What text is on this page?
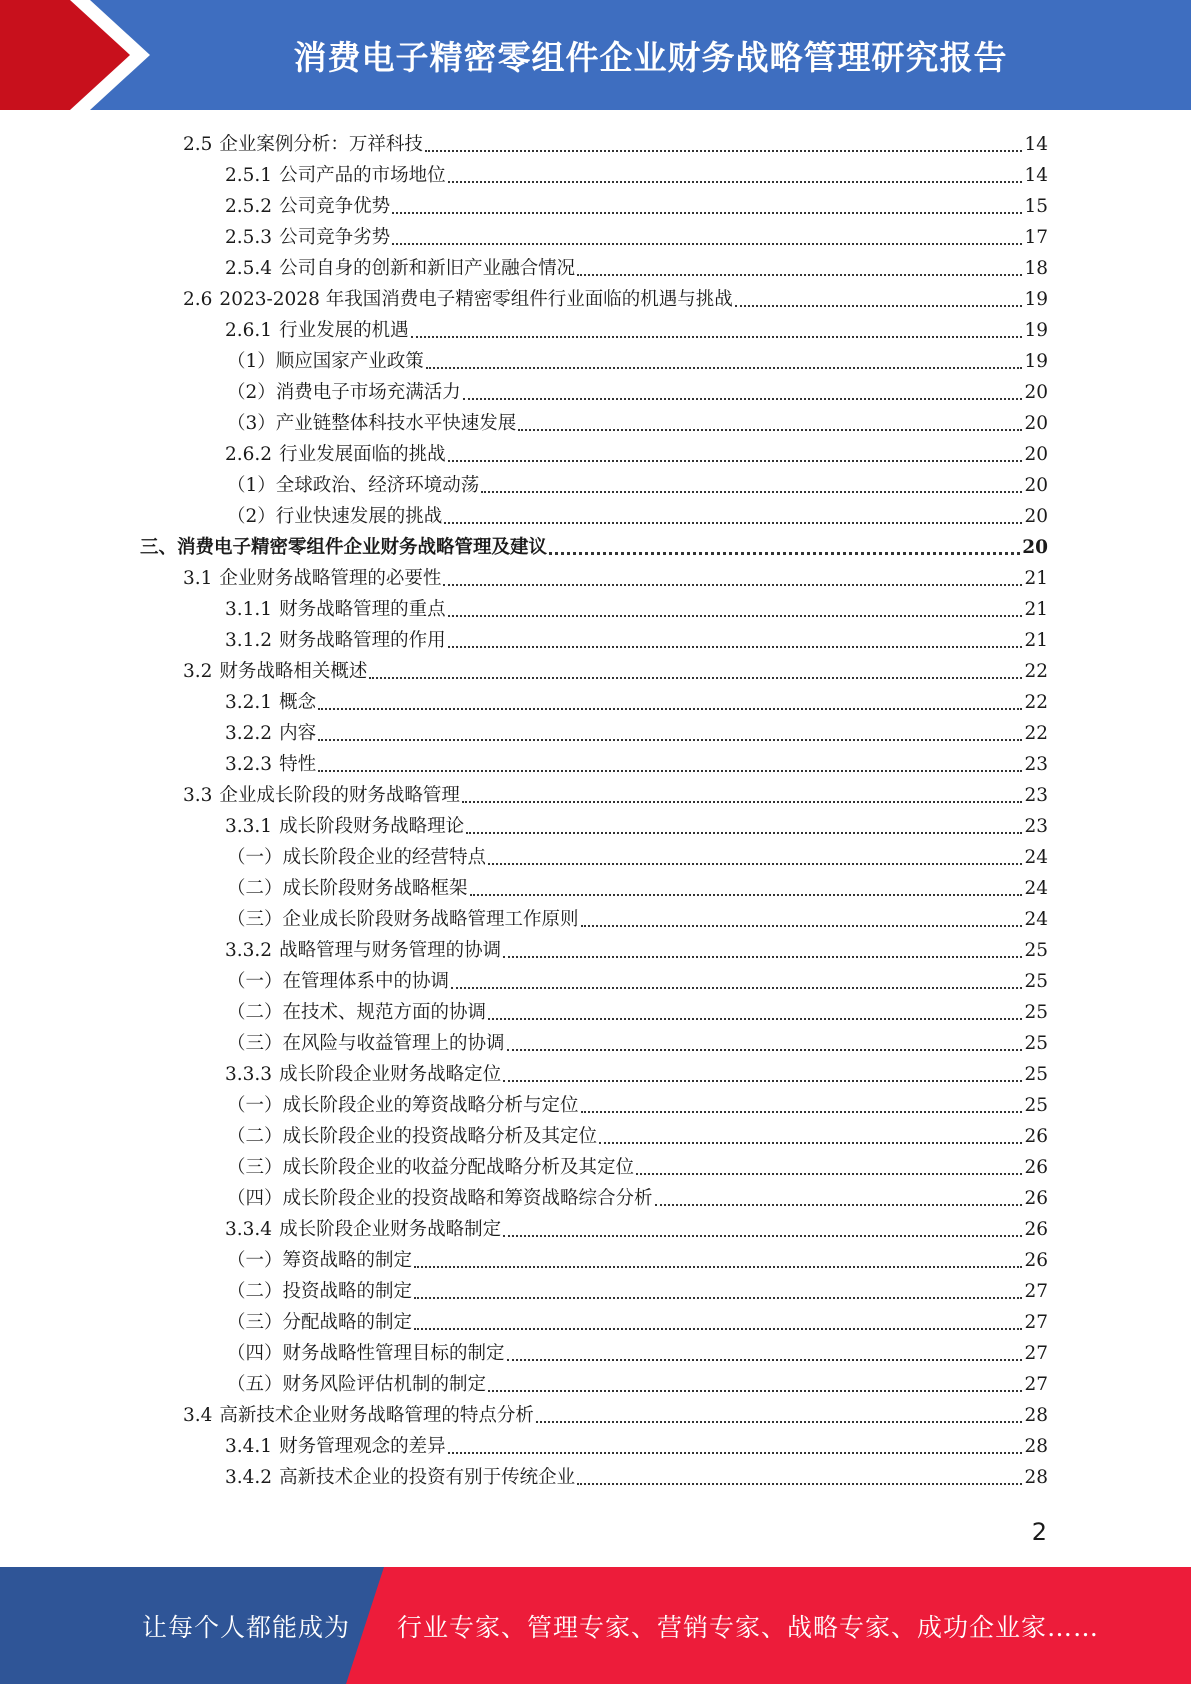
消费电子精密零组件企业财务战略管理研究报告
2.5 企业案例分析：万祥科技	14
2.5.1 公司产品的市场地位	14
2.5.2 公司竞争优势	15
2.5.3 公司竞争劣势	17
2.5.4 公司自身的创新和新旧产业融合情况	18
2.6 2023-2028 年我国消费电子精密零组件行业面临的机遇与挑战	19
2.6.1 行业发展的机遇	19
（1） 顺应国家产业政策	19
（2） 消费电子市场充满活力	20
（3） 产业链整体科技水平快速发展	20
2.6.2 行业发展面临的挑战	20
（1） 全球政治、经济环境动荡	20
（2） 行业快速发展的挑战	20
三、 消费电子精密零组件企业财务战略管理及建议	20
3.1 企业财务战略管理的必要性	21
3.1.1 财务战略管理的重点	21
3.1.2 财务战略管理的作用	21
3.2 财务战略相关概述	22
3.2.1 概念	22
3.2.2 内容	22
3.2.3 特性	23
3.3 企业成长阶段的财务战略管理	23
3.3.1 成长阶段财务战略理论	23
（一） 成长阶段企业的经营特点	24
（二） 成长阶段财务战略框架	24
（三） 企业成长阶段财务战略管理工作原则	24
3.3.2 战略管理与财务管理的协调	25
（一） 在管理体系中的协调	25
（二） 在技术、规范方面的协调	25
（三） 在风险与收益管理上的协调	25
3.3.3 成长阶段企业财务战略定位	25
（一） 成长阶段企业的筹资战略分析与定位	25
（二） 成长阶段企业的投资战略分析及其定位	26
（三） 成长阶段企业的收益分配战略分析及其定位	26
（四） 成长阶段企业的投资战略和筹资战略综合分析	26
3.3.4 成长阶段企业财务战略制定	26
（一） 筹资战略的制定	26
（二） 投资战略的制定	27
（三） 分配战略的制定	27
（四） 财务战略性管理目标的制定	27
（五） 财务风险评估机制的制定	27
3.4 高新技术企业财务战略管理的特点分析	28
3.4.1 财务管理观念的差异	28
3.4.2 高新技术企业的投资有别于传统企业	28
2
让每个人都能成为 行业专家、管理专家、营销专家、战略专家、成功企业家……
